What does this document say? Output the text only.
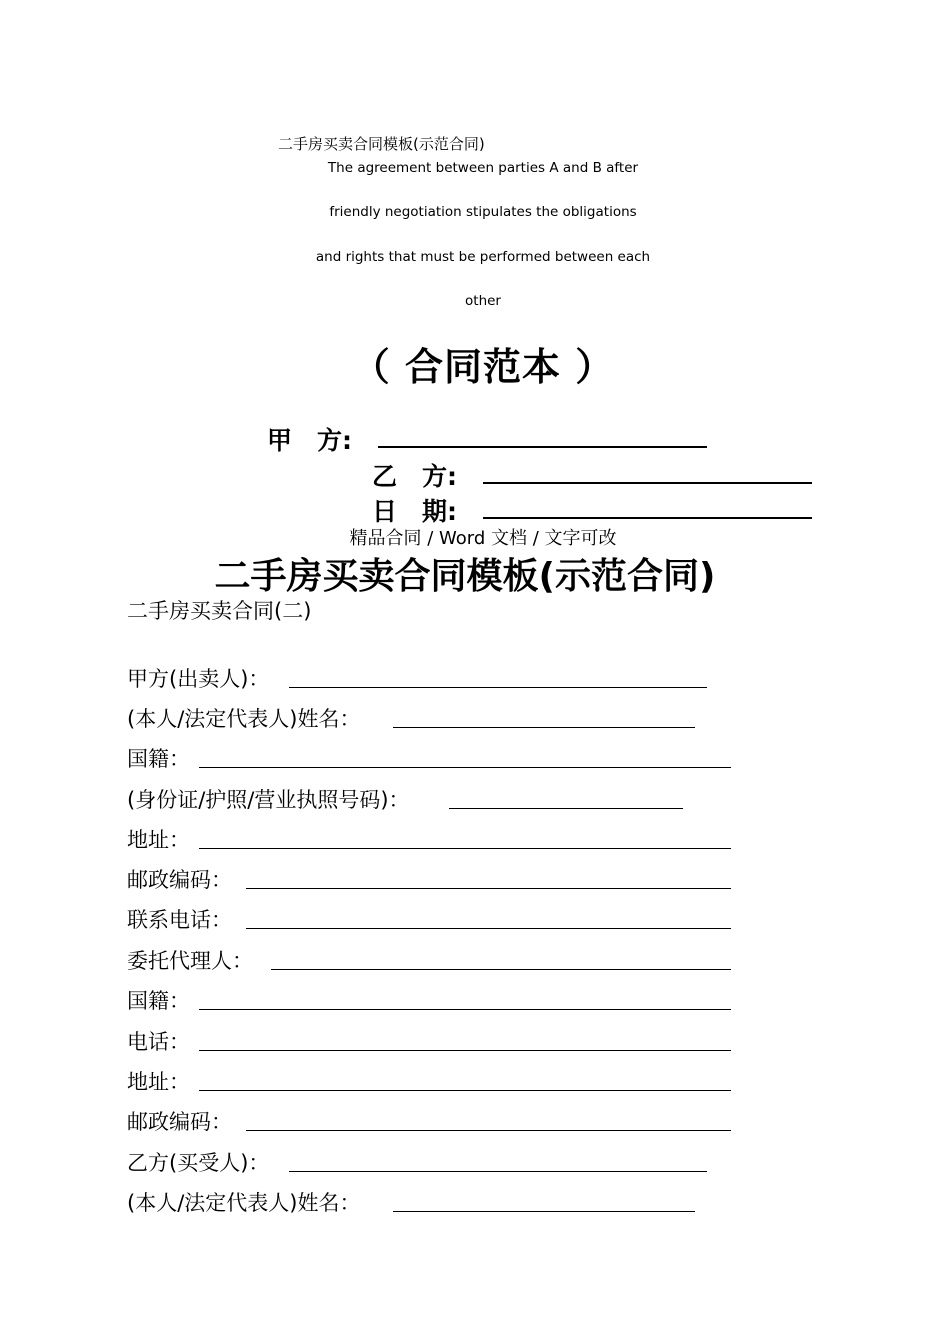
二手房买卖合同模板(示范合同)
The agreement between parties A and B after
friendly negotiation stipulates the obligations
and rights that must be performed between each
other
（ 合同范本 ）
甲　方:
乙　方:
日　期:
精品合同 / Word 文档 / 文字可改
二手房买卖合同模板(示范合同)
二手房买卖合同(二)
甲方(出卖人)：
(本人/法定代表人)姓名：
国籍：
(身份证/护照/营业执照号码)：
地址：
邮政编码：
联系电话：
委托代理人：
国籍：
电话：
地址：
邮政编码：
乙方(买受人)：
(本人/法定代表人)姓名：
